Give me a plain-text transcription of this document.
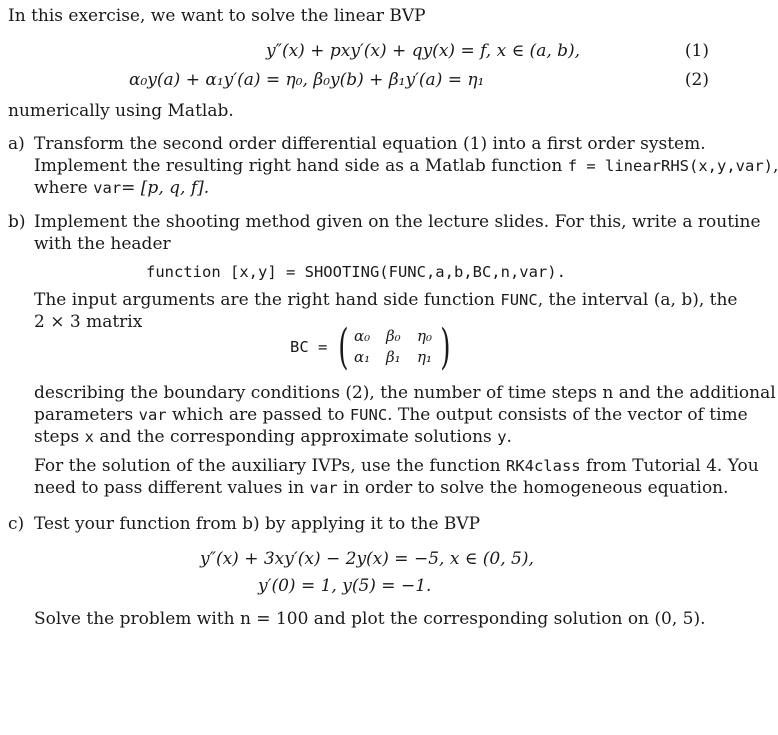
In this exercise, we want to solve the linear BVP
y″(x) + pxy′(x) + qy(x) = f, x ∈ (a, b),	(1)
α₀y(a) + α₁y′(a) = η₀, β₀y(b) + β₁y′(a) = η₁	(2)
numerically using Matlab.
a) Transform the second order differential equation (1) into a first order system.
Implement the resulting right hand side as a Matlab function f = linearRHS(x,y,var),
where var= [p, q, f].
b) Implement the shooting method given on the lecture slides. For this, write a routine
with the header
function [x,y] = SHOOTING(FUNC,a,b,BC,n,var).
The input arguments are the right hand side function FUNC, the interval (a, b), the
2 × 3 matrix
BC = ( α₀ β₀ η₀
α₁ β₁ η₁ )
describing the boundary conditions (2), the number of time steps n and the additional
parameters var which are passed to FUNC. The output consists of the vector of time
steps x and the corresponding approximate solutions y.
For the solution of the auxiliary IVPs, use the function RK4class from Tutorial 4. You
need to pass different values in var in order to solve the homogeneous equation.
c) Test your function from b) by applying it to the BVP
y″(x) + 3xy′(x) − 2y(x) = −5, x ∈ (0, 5),
y′(0) = 1, y(5) = −1.
Solve the problem with n = 100 and plot the corresponding solution on (0, 5).
